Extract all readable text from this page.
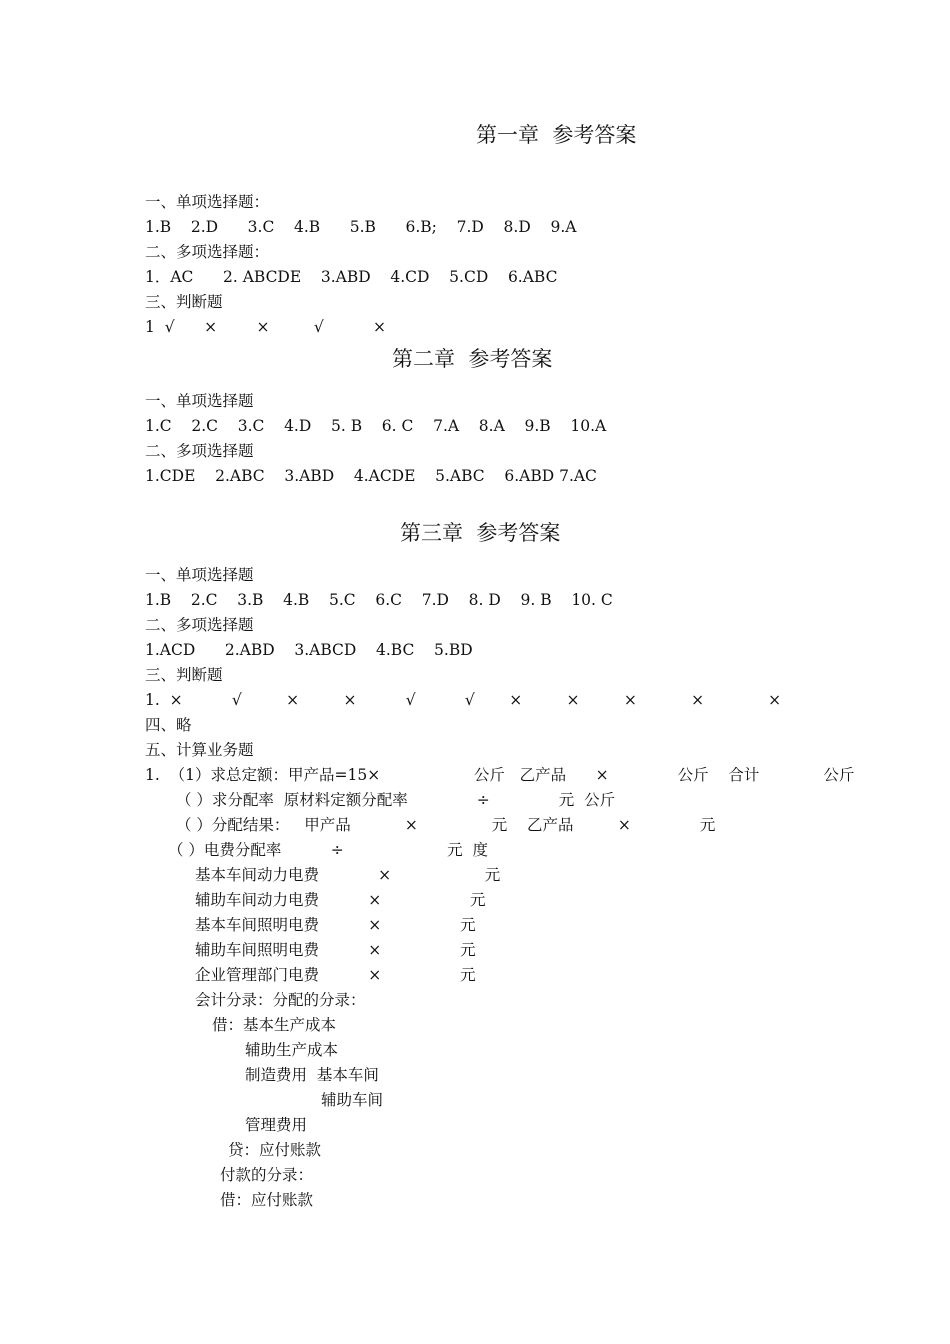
第一章  参考答案
一、单项选择题：
1.B    2.D      3.C    4.B      5.B      6.B;    7.D    8.D    9.A
二、多项选择题：
1．AC      2. ABCDE    3.ABD    4.CD    5.CD    6.ABC
三、判断题
1  √      ×        ×         √          ×
第二章  参考答案
一、单项选择题
1.C    2.C    3.C    4.D    5. B    6. C    7.A    8.A    9.B    10.A
二、多项选择题
1.CDE    2.ABC    3.ABD    4.ACDE    5.ABC    6.ABD 7.AC
第三章  参考答案
一、单项选择题
1.B    2.C    3.B    4.B    5.C    6.C    7.D    8. D    9. B    10. C
二、多项选择题
1.ACD      2.ABD    3.ABCD    4.BC    5.BD
三、判断题
1.  ×          √         ×         ×          √          √       ×         ×         ×           ×             ×
四、略
五、计算业务题
1.  （1）求总定额：甲产品=15×                   公斤   乙产品      ×              公斤    合计             公斤
（ ）求分配率  原材料定额分配率              ÷              元  公斤
（ ）分配结果：   甲产品           ×               元    乙产品         ×              元
（ ）电费分配率          ÷                     元  度
基本车间动力电费            ×                   元
辅助车间动力电费          ×                  元
基本车间照明电费          ×                元
辅助车间照明电费          ×                元
企业管理部门电费          ×                元
会计分录：分配的分录：
借：基本生产成本
辅助生产成本
制造费用  基本车间
辅助车间
管理费用
贷：应付账款
付款的分录：
借：应付账款
